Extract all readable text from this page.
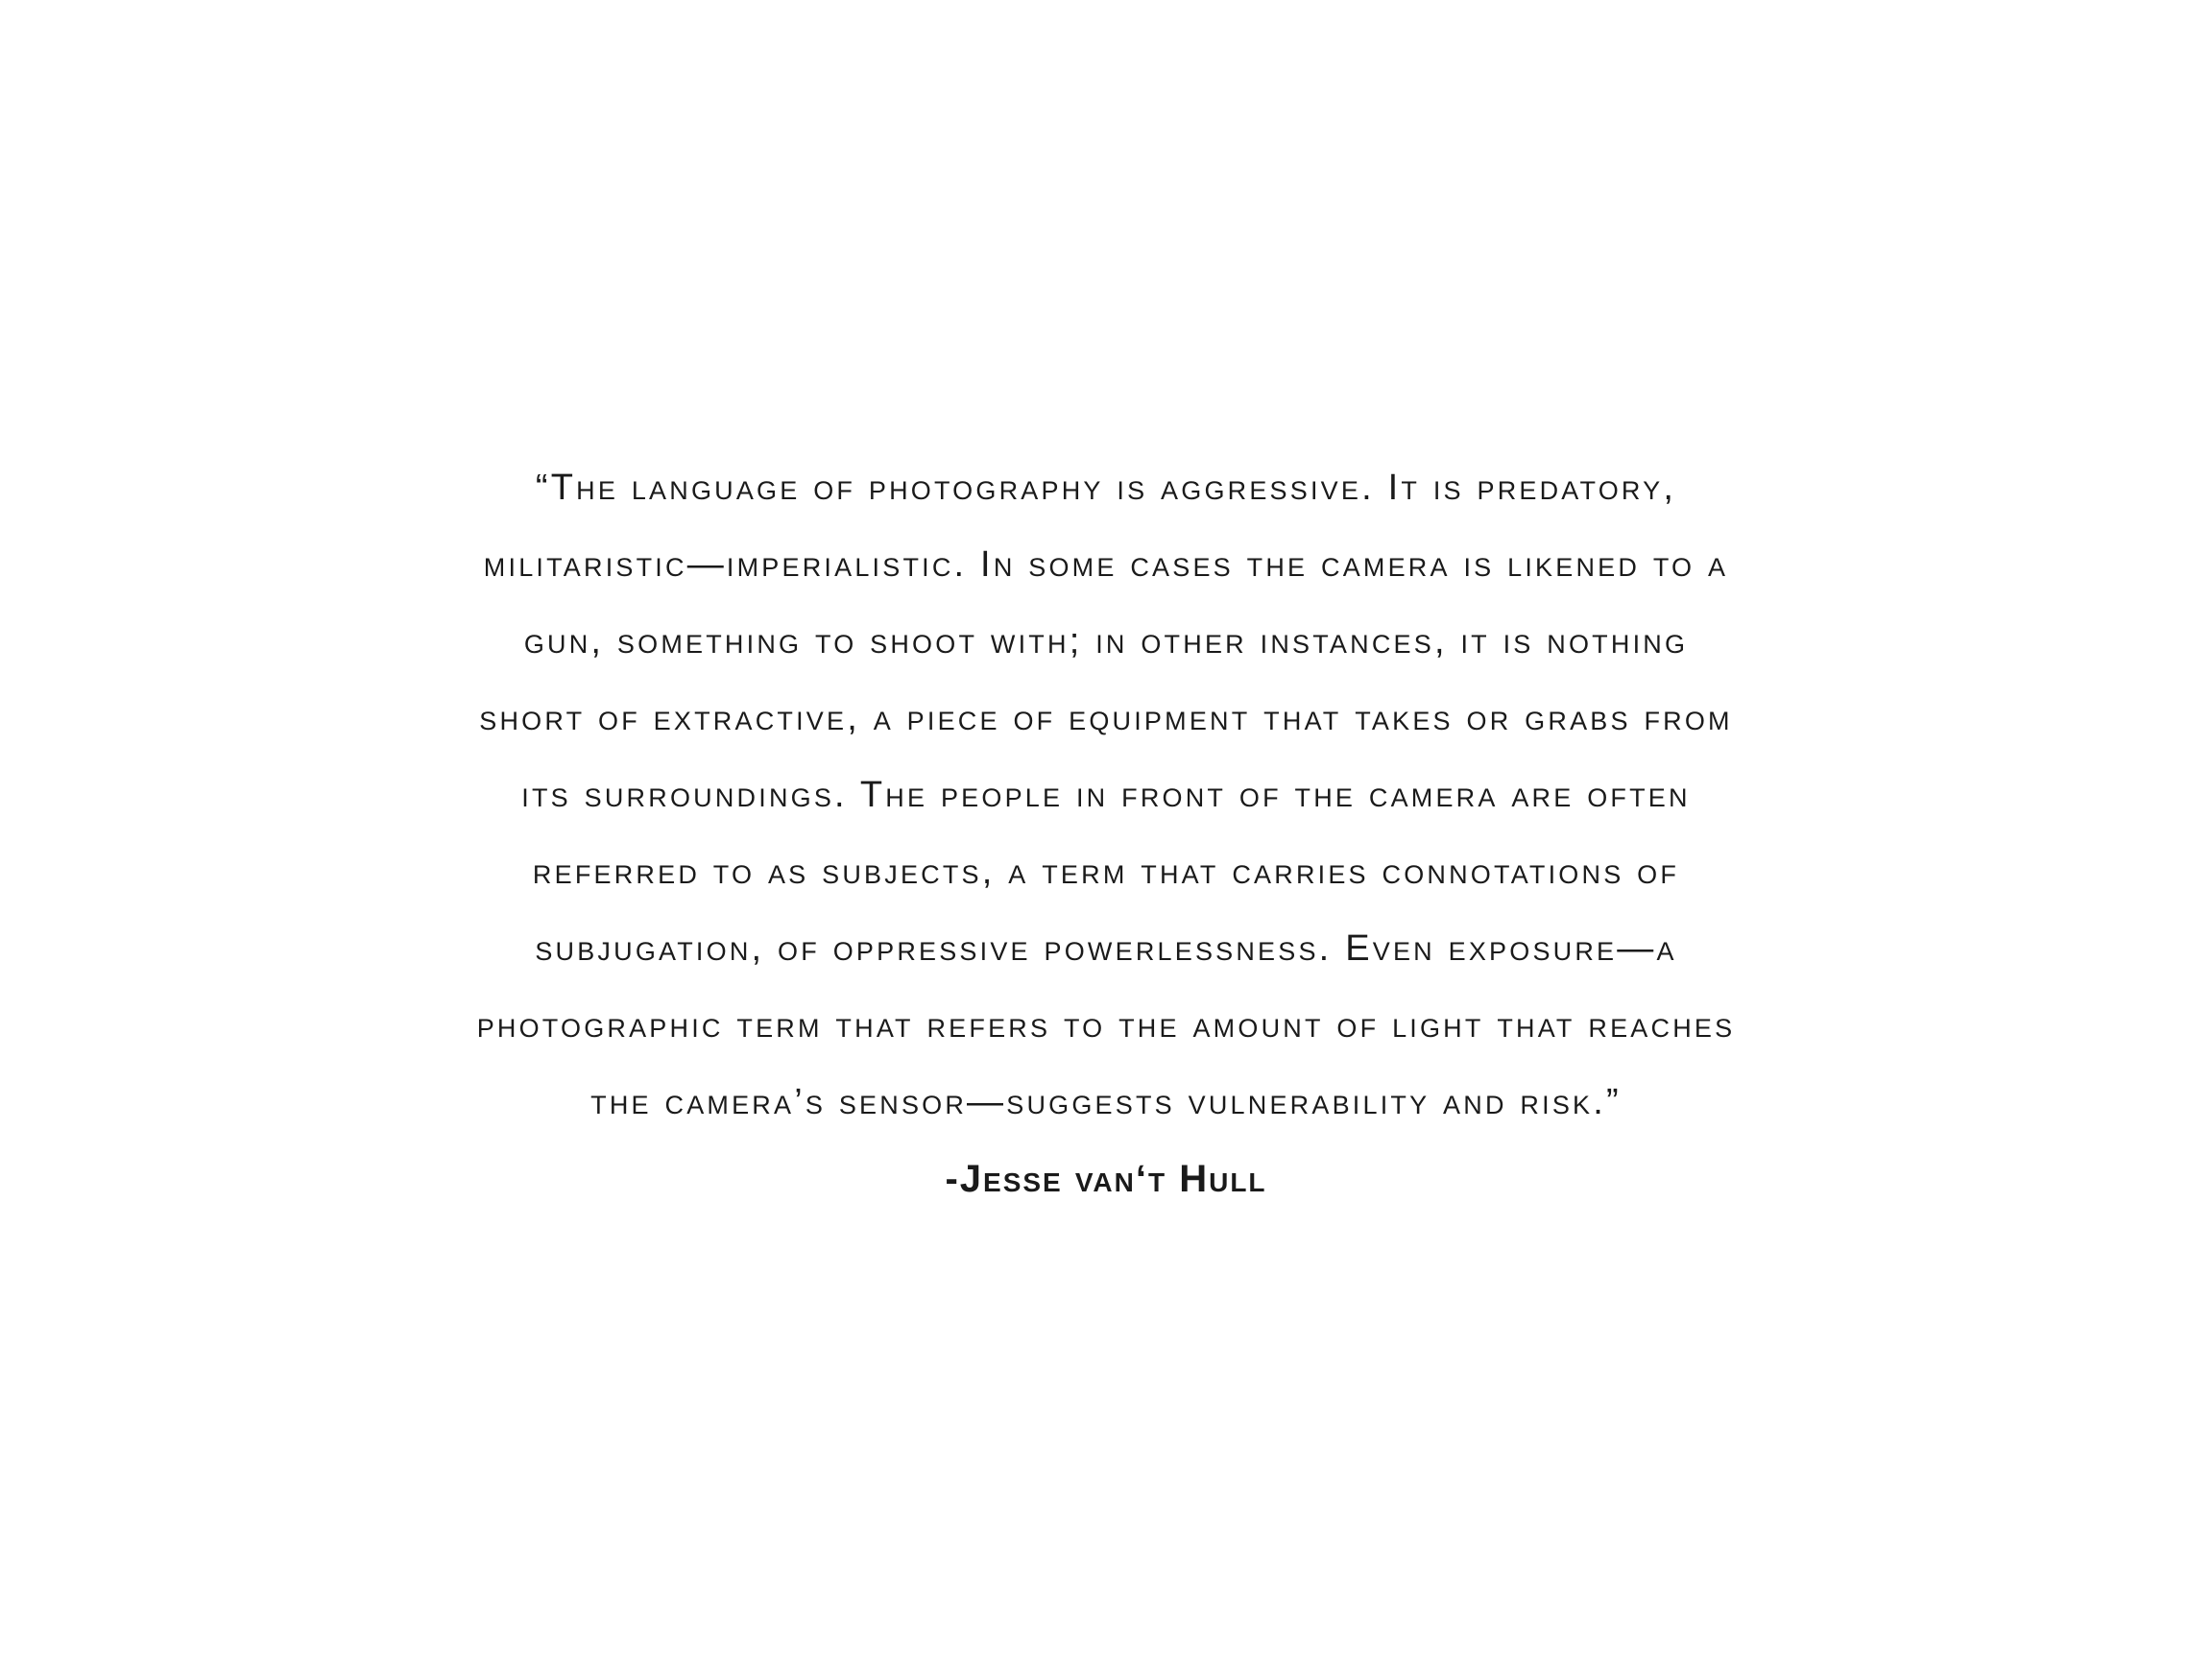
“The language of photography is aggressive. It is predatory,
militaristic—imperialistic. In some cases the camera is likened to a
gun, something to shoot with; in other instances, it is nothing
short of extractive, a piece of equipment that takes or grabs from
its surroundings. The people in front of the camera are often
referred to as subjects, a term that carries connotations of
subjugation, of oppressive powerlessness. Even exposure—a
photographic term that refers to the amount of light that reaches
the camera’s sensor—suggests vulnerability and risk.”
-Jesse van‘t Hull
